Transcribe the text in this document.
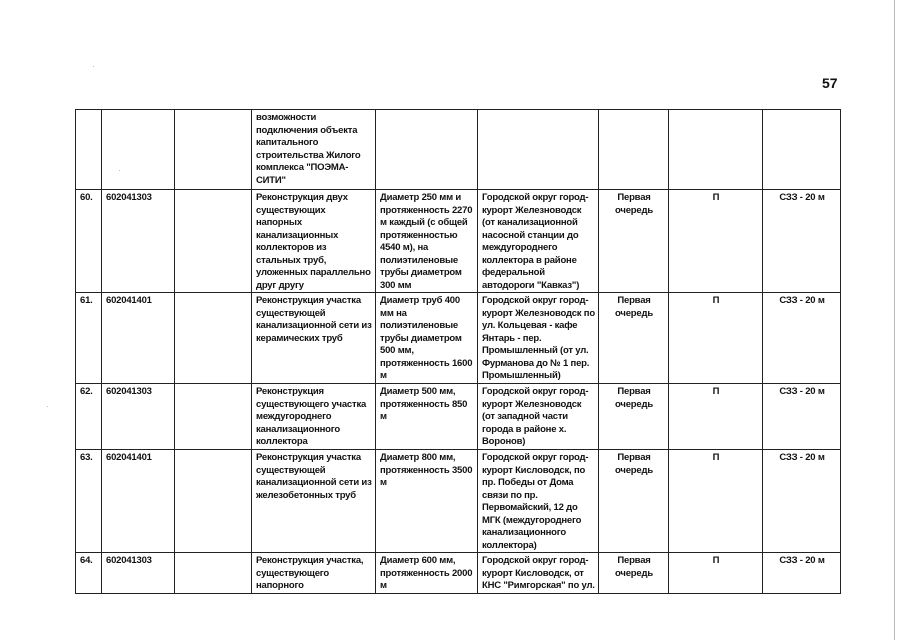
57
			возможности подключения объекта капитального строительства Жилого комплекса "ПОЭМА-СИТИ"					
60.	602041303		Реконструкция двух существующих напорных канализационных коллекторов из стальных труб, уложенных параллельно друг другу	Диаметр 250 мм и протяженность 2270 м каждый (с общей протяженностью 4540 м), на полиэтиленовые трубы диаметром 300 мм	Городской округ город-курорт Железноводск (от канализационной насосной станции до междугороднего коллектора в районе федеральной автодороги "Кавказ")	Первая очередь	П	СЗЗ - 20 м
61.	602041401		Реконструкция участка существующей канализационной сети из керамических труб	Диаметр труб 400 мм на полиэтиленовые трубы диаметром 500 мм, протяженность 1600 м	Городской округ город-курорт Железноводск по ул. Кольцевая - кафе Янтарь - пер. Промышленный (от ул. Фурманова до № 1 пер. Промышленный)	Первая очередь	П	СЗЗ - 20 м
62.	602041303		Реконструкция существующего участка междугороднего канализационного коллектора	Диаметр 500 мм, протяженность 850 м	Городской округ город-курорт Железноводск (от западной части города в районе х. Воронов)	Первая очередь	П	СЗЗ - 20 м
63.	602041401		Реконструкция участка существующей канализационной сети из железобетонных труб	Диаметр 800 мм, протяженность 3500 м	Городской округ город-курорт Кисловодск, по пр. Победы от Дома связи по пр. Первомайский, 12 до МГК (междугороднего канализационного коллектора)	Первая очередь	П	СЗЗ - 20 м
64.	602041303		Реконструкция участка, существующего напорного	Диаметр 600 мм, протяженность 2000 м	Городской округ город-курорт Кисловодск, от КНС "Римгорская" по ул.	Первая очередь	П	СЗЗ - 20 м
·
·
·
